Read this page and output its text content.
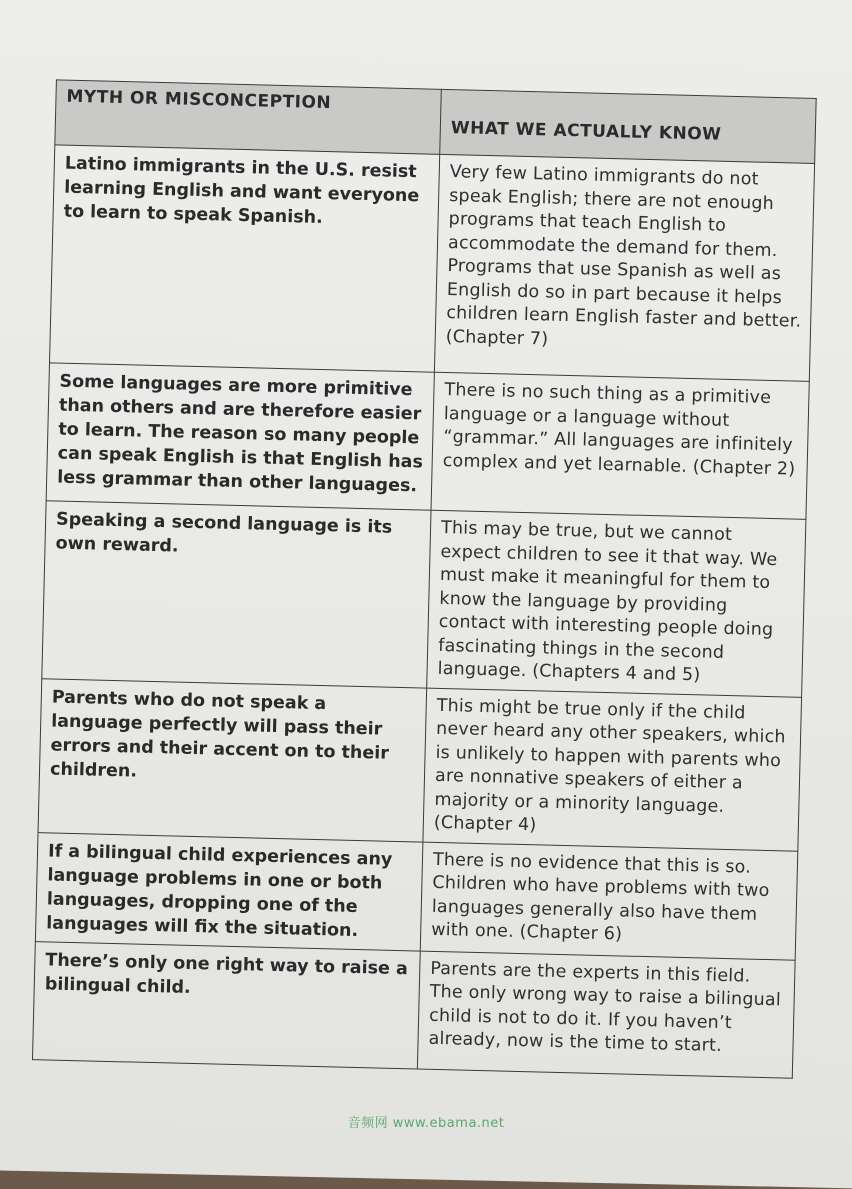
MYTH OR MISCONCEPTION	WHAT WE ACTUALLY KNOW
Latino immigrants in the U.S. resist learning English and want everyone to learn to speak Spanish.	Very few Latino immigrants do not speak English; there are not enough programs that teach English to accommodate the demand for them. Programs that use Spanish as well as English do so in part because it helps children learn English faster and better. (Chapter 7)
Some languages are more primitive than others and are therefore easier to learn. The reason so many people can speak English is that English has less grammar than other languages.	There is no such thing as a primitive language or a language without “grammar.” All languages are infinitely complex and yet learnable. (Chapter 2)
Speaking a second language is its own reward.	This may be true, but we cannot expect children to see it that way. We must make it meaningful for them to know the language by providing contact with interesting people doing fascinating things in the second language. (Chapters 4 and 5)
Parents who do not speak a language perfectly will pass their errors and their accent on to their children.	This might be true only if the child never heard any other speakers, which is unlikely to happen with parents who are nonnative speakers of either a majority or a minority language. (Chapter 4)
If a bilingual child experiences any language problems in one or both languages, dropping one of the languages will fix the situation.	There is no evidence that this is so. Children who have problems with two languages generally also have them with one. (Chapter 6)
There’s only one right way to raise a bilingual child.	Parents are the experts in this field. The only wrong way to raise a bilingual child is not to do it. If you haven’t already, now is the time to start.
音频网 www.ebama.net
